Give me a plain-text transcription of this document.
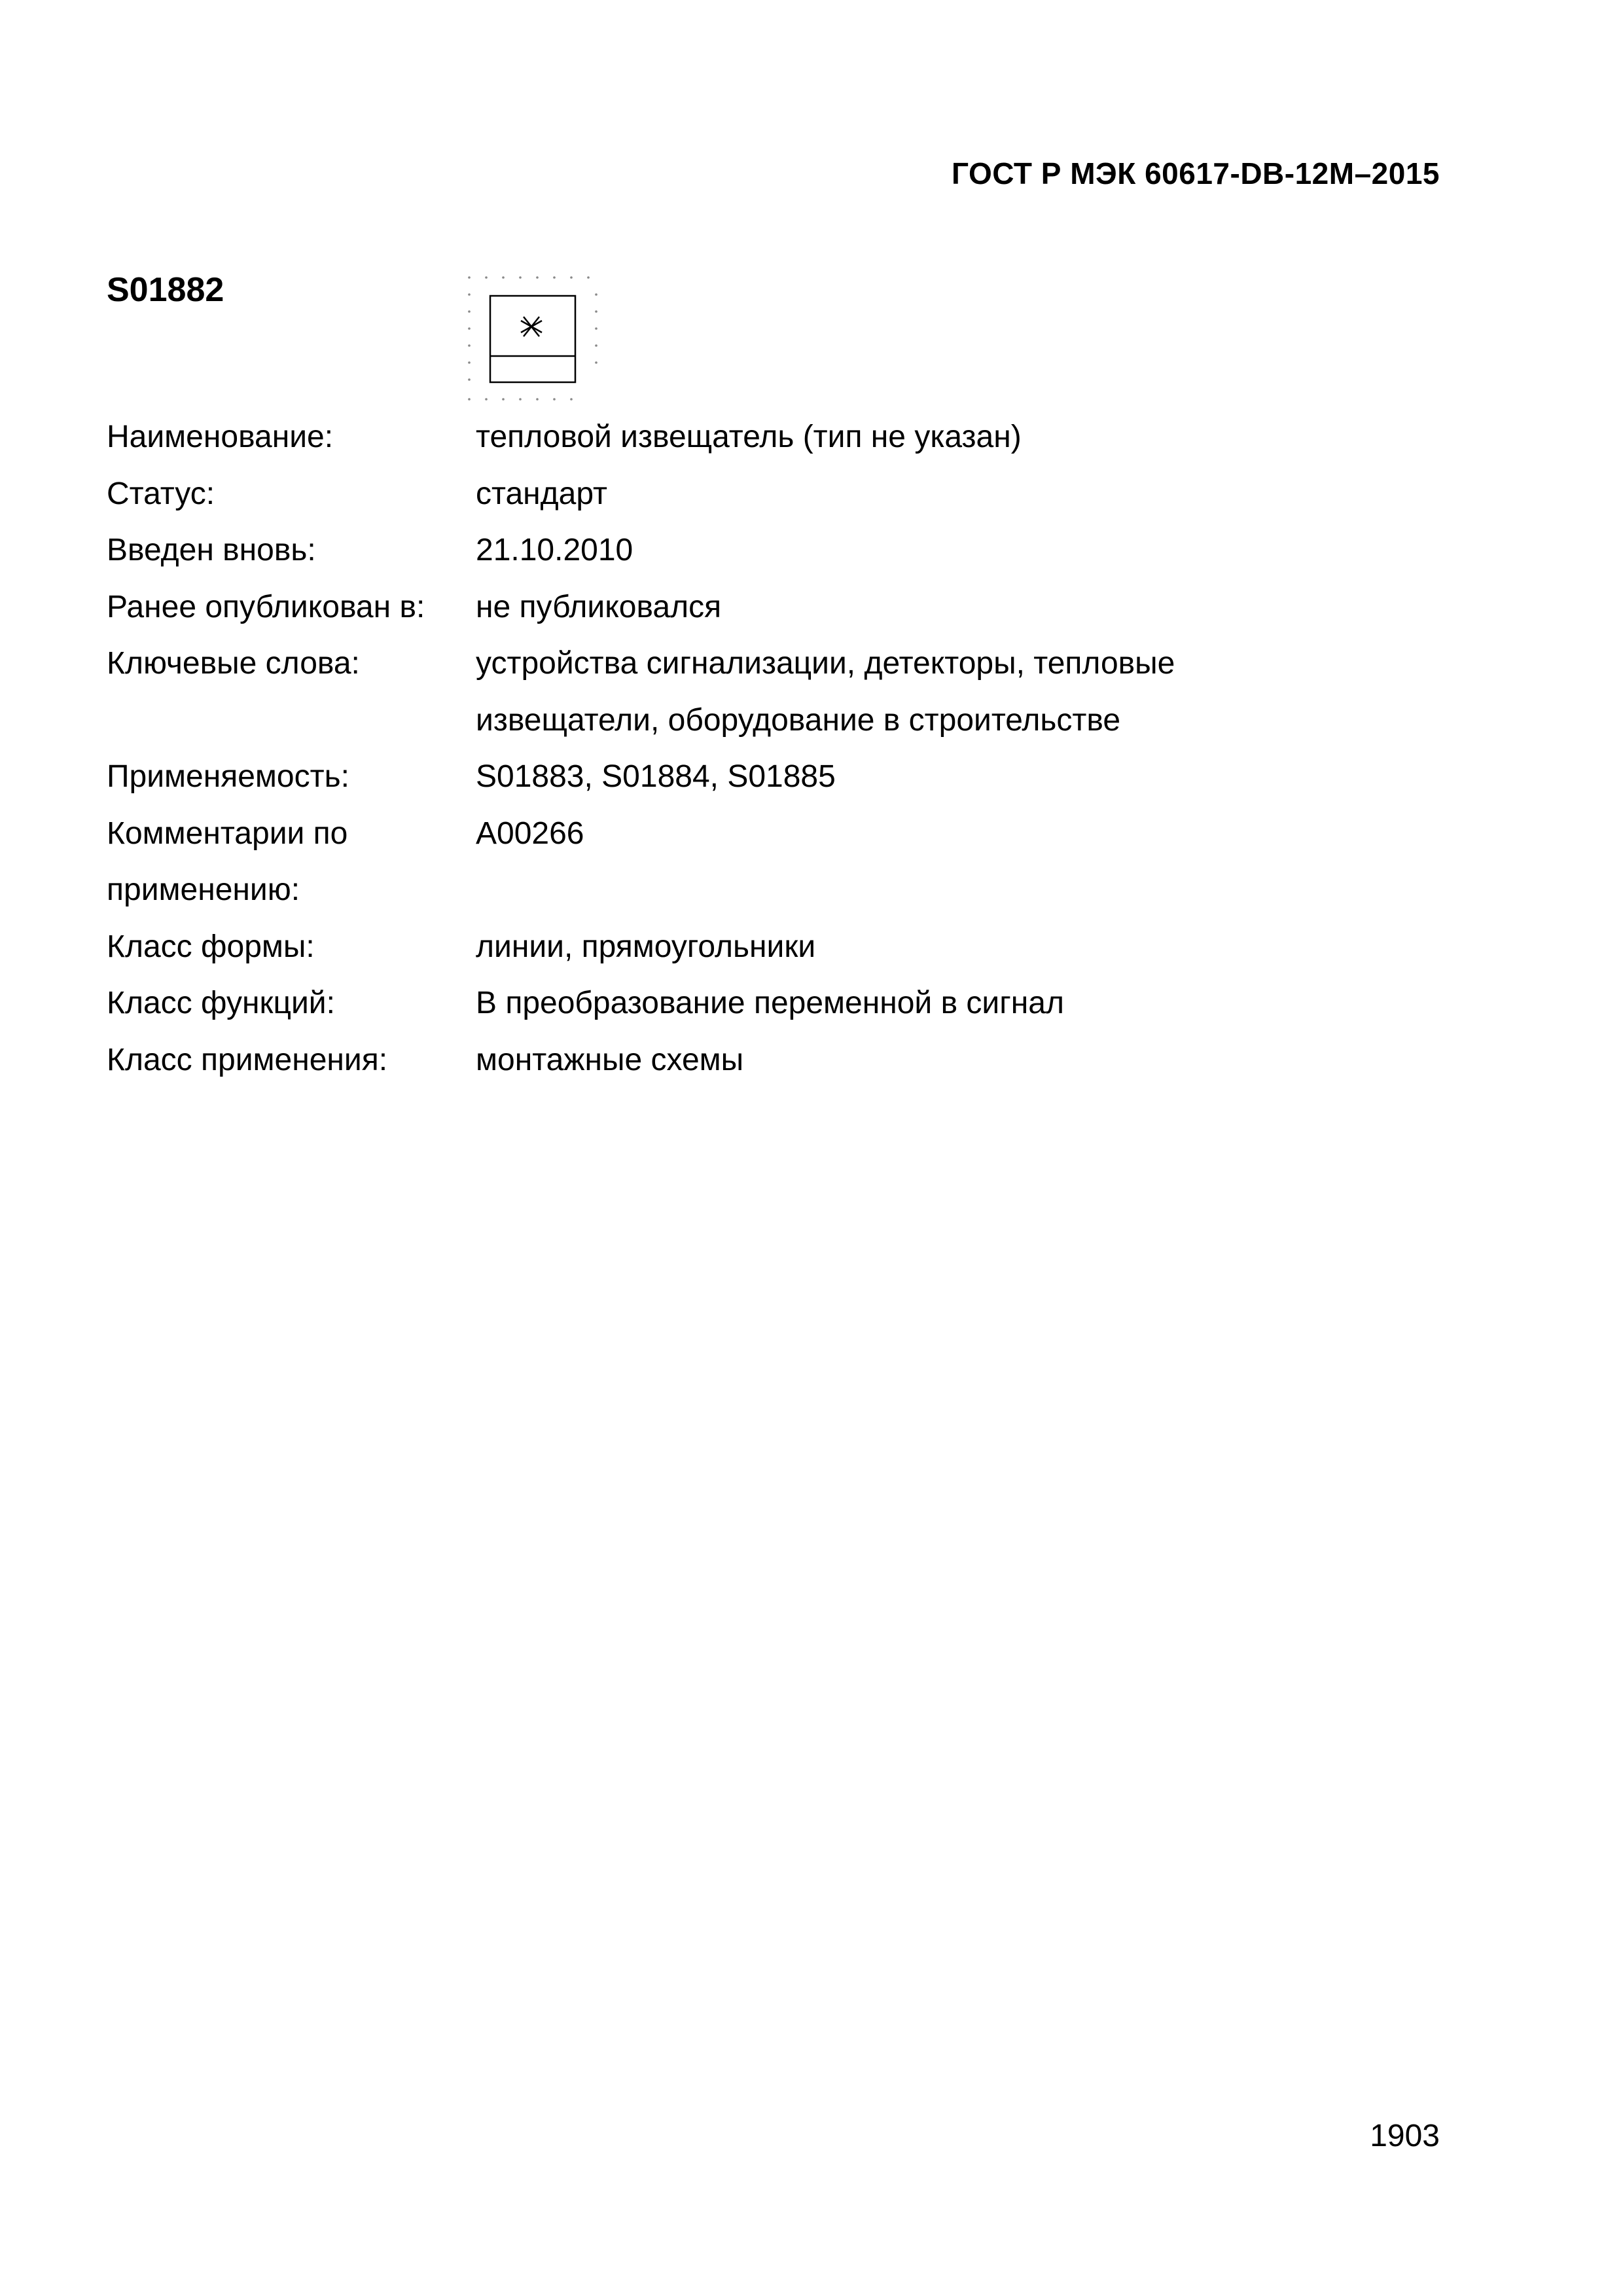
ГОСТ Р МЭК 60617-DB-12M–2015
S01882
Наименование:	тепловой извещатель (тип не указан)
Статус:	стандарт
Введен вновь:	21.10.2010
Ранее опубликован в:	не публиковался
Ключевые слова:	устройства сигнализации, детекторы, тепловые
извещатели, оборудование в строительстве
Применяемость:	S01883, S01884, S01885
Комментарии по	A00266
применению:
Класс формы:	линии, прямоугольники
Класс функций:	B преобразование переменной в сигнал
Класс применения:	монтажные схемы
1903
